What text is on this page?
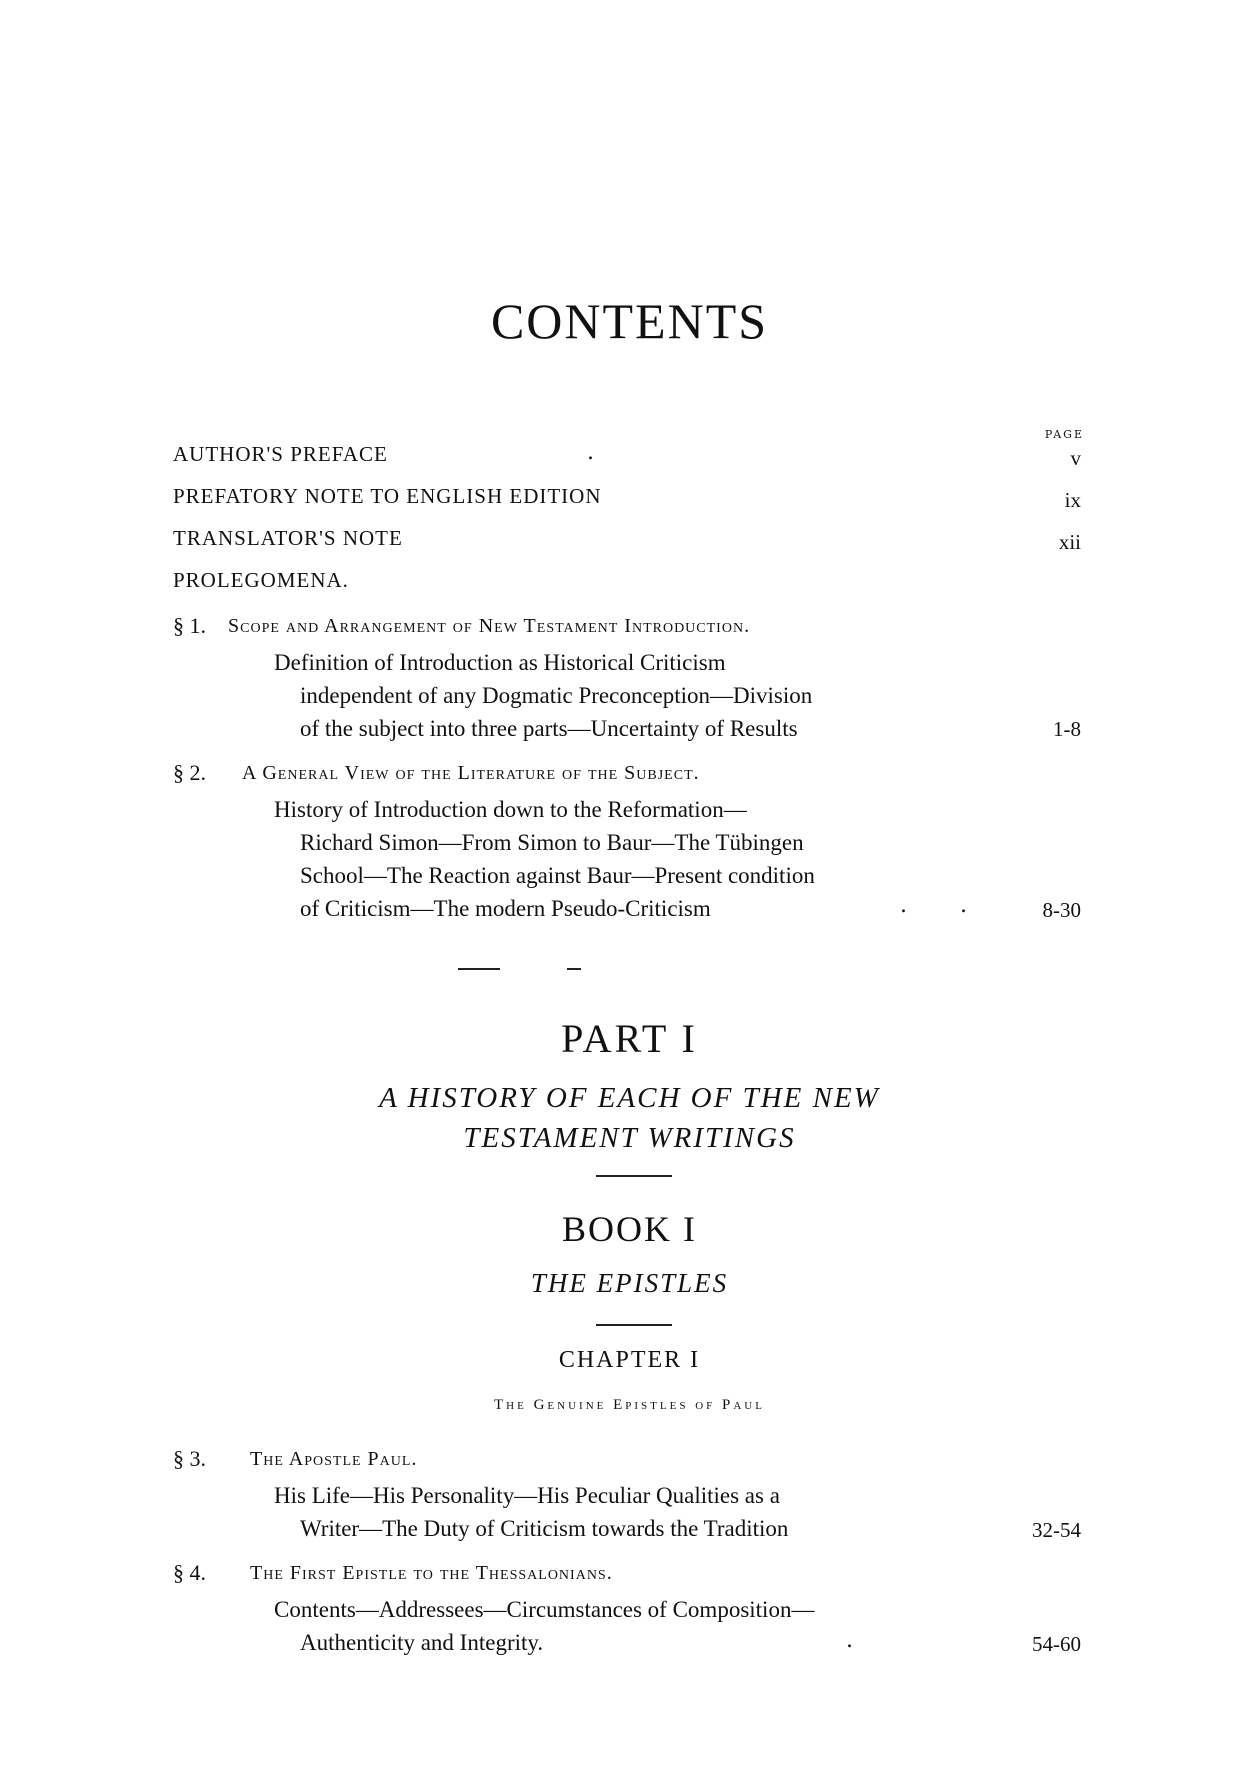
CONTENTS
PAGE
AUTHOR'S PREFACE	.	v
PREFATORY NOTE TO ENGLISH EDITION	ix
TRANSLATOR'S NOTE	xii
PROLEGOMENA.
§ 1. Scope and Arrangement of New Testament Introduction.
Definition of Introduction as Historical Criticism
independent of any Dogmatic Preconception—Division
of the subject into three parts—Uncertainty of Results	1-8
§ 2. A General View of the Literature of the Subject.
History of Introduction down to the Reformation—
Richard Simon—From Simon to Baur—The Tübingen
School—The Reaction against Baur—Present condition
of Criticism—The modern Pseudo-Criticism	. .	8-30
PART I
A HISTORY OF EACH OF THE NEW
TESTAMENT WRITINGS
BOOK I
THE EPISTLES
CHAPTER I
The Genuine Epistles of Paul
§ 3. The Apostle Paul.
His Life—His Personality—His Peculiar Qualities as a
Writer—The Duty of Criticism towards the Tradition	32-54
§ 4. The First Epistle to the Thessalonians.
Contents—Addressees—Circumstances of Composition—
Authenticity and Integrity.	.	54-60
